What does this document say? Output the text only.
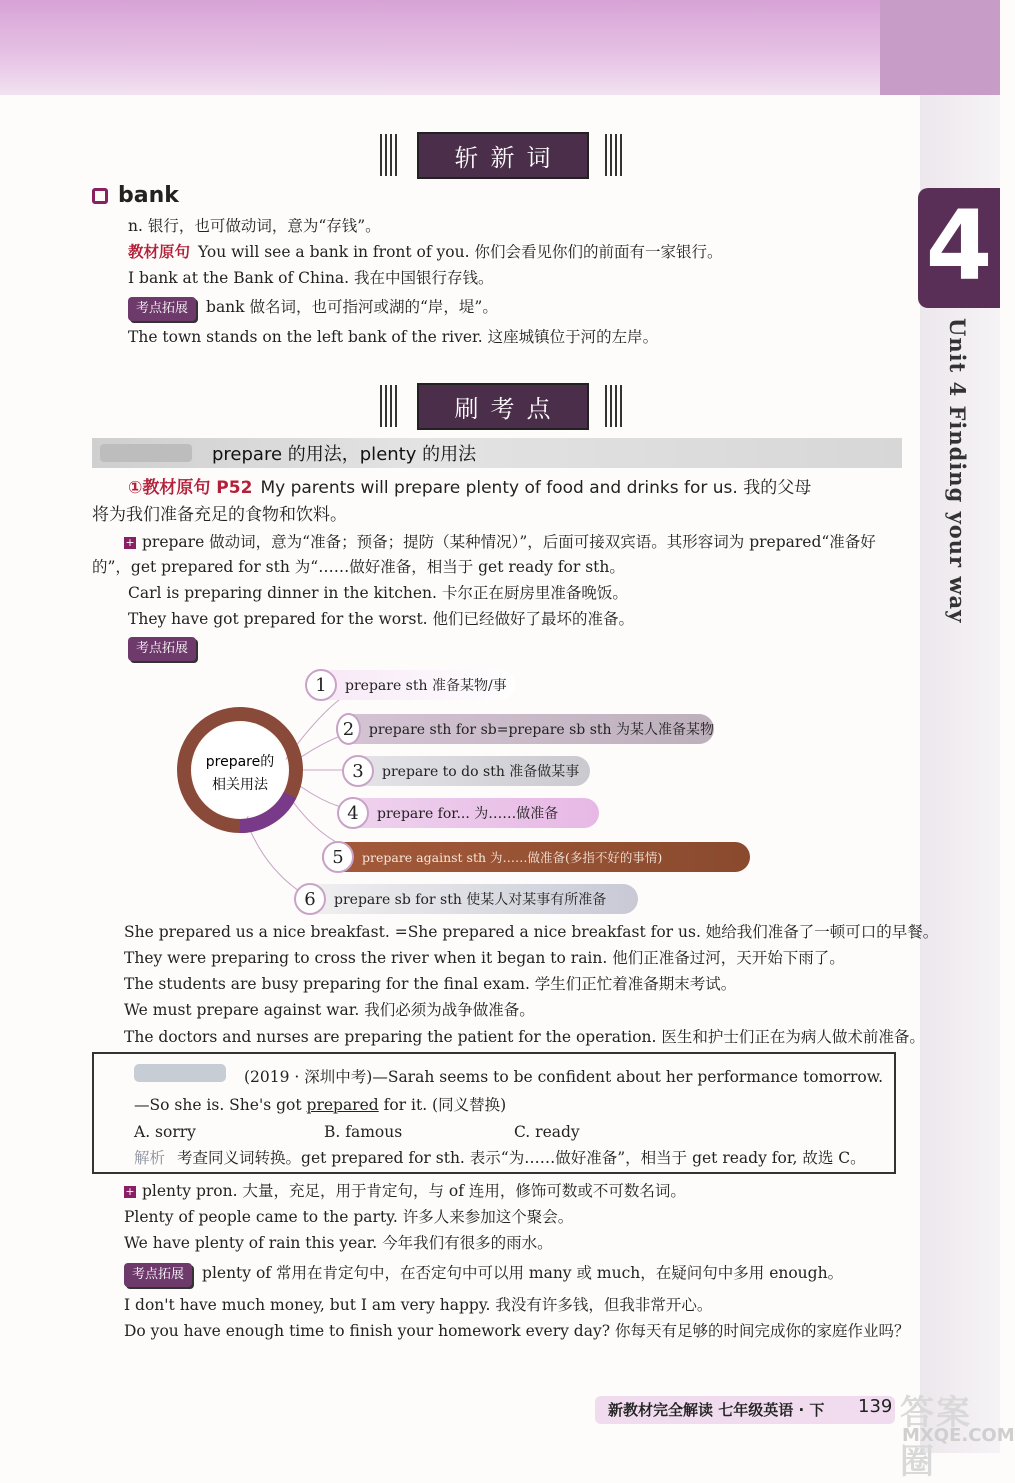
4
Unit 4 Finding your way
斩新词
bank
n. 银行，也可做动词，意为“存钱”。
教材原句 You will see a bank in front of you. 你们会看见你们的前面有一家银行。
I bank at the Bank of China. 我在中国银行存钱。
考点拓展 bank 做名词，也可指河或湖的“岸，堤”。
The town stands on the left bank of the river. 这座城镇位于河的左岸。
刷考点
prepare 的用法，plenty 的用法
①教材原句 P52 My parents will prepare plenty of food and drinks for us. 我的父母
将为我们准备充足的食物和饮料。
+ prepare 做动词，意为“准备；预备；提防（某种情况）”，后面可接双宾语。其形容词为 prepared“准备好
的”，get prepared for sth 为“……做好准备，相当于 get ready for sth。
Carl is preparing dinner in the kitchen. 卡尔正在厨房里准备晚饭。
They have got prepared for the worst. 他们已经做好了最坏的准备。
考点拓展
prepare的
相关用法
1	prepare sth 准备某物/事
2	prepare sth for sb=prepare sb sth 为某人准备某物
3	prepare to do sth 准备做某事
4	prepare for... 为……做准备
5	prepare against sth 为……做准备(多指不好的事情)
6	prepare sb for sth 使某人对某事有所准备
She prepared us a nice breakfast. =She prepared a nice breakfast for us. 她给我们准备了一顿可口的早餐。
They were preparing to cross the river when it began to rain. 他们正准备过河，天开始下雨了。
The students are busy preparing for the final exam. 学生们正忙着准备期末考试。
We must prepare against war. 我们必须为战争做准备。
The doctors and nurses are preparing the patient for the operation. 医生和护士们正在为病人做术前准备。
(2019 · 深圳中考)—Sarah seems to be confident about her performance tomorrow.
—So she is. She's got prepared for it. (同义替换)
A. sorry	B. famous	C. ready
解析 考查同义词转换。get prepared for sth. 表示“为……做好准备”，相当于 get ready for, 故选 C。
+ plenty pron. 大量，充足，用于肯定句，与 of 连用，修饰可数或不可数名词。
Plenty of people came to the party. 许多人来参加这个聚会。
We have plenty of rain this year. 今年我们有很多的雨水。
考点拓展 plenty of 常用在肯定句中，在否定句中可以用 many 或 much，在疑问句中多用 enough。
I don't have much money, but I am very happy. 我没有许多钱，但我非常开心。
Do you have enough time to finish your homework every day? 你每天有足够的时间完成你的家庭作业吗？
新教材完全解读 七年级英语 · 下 139 答案圈
MXQE.COM
